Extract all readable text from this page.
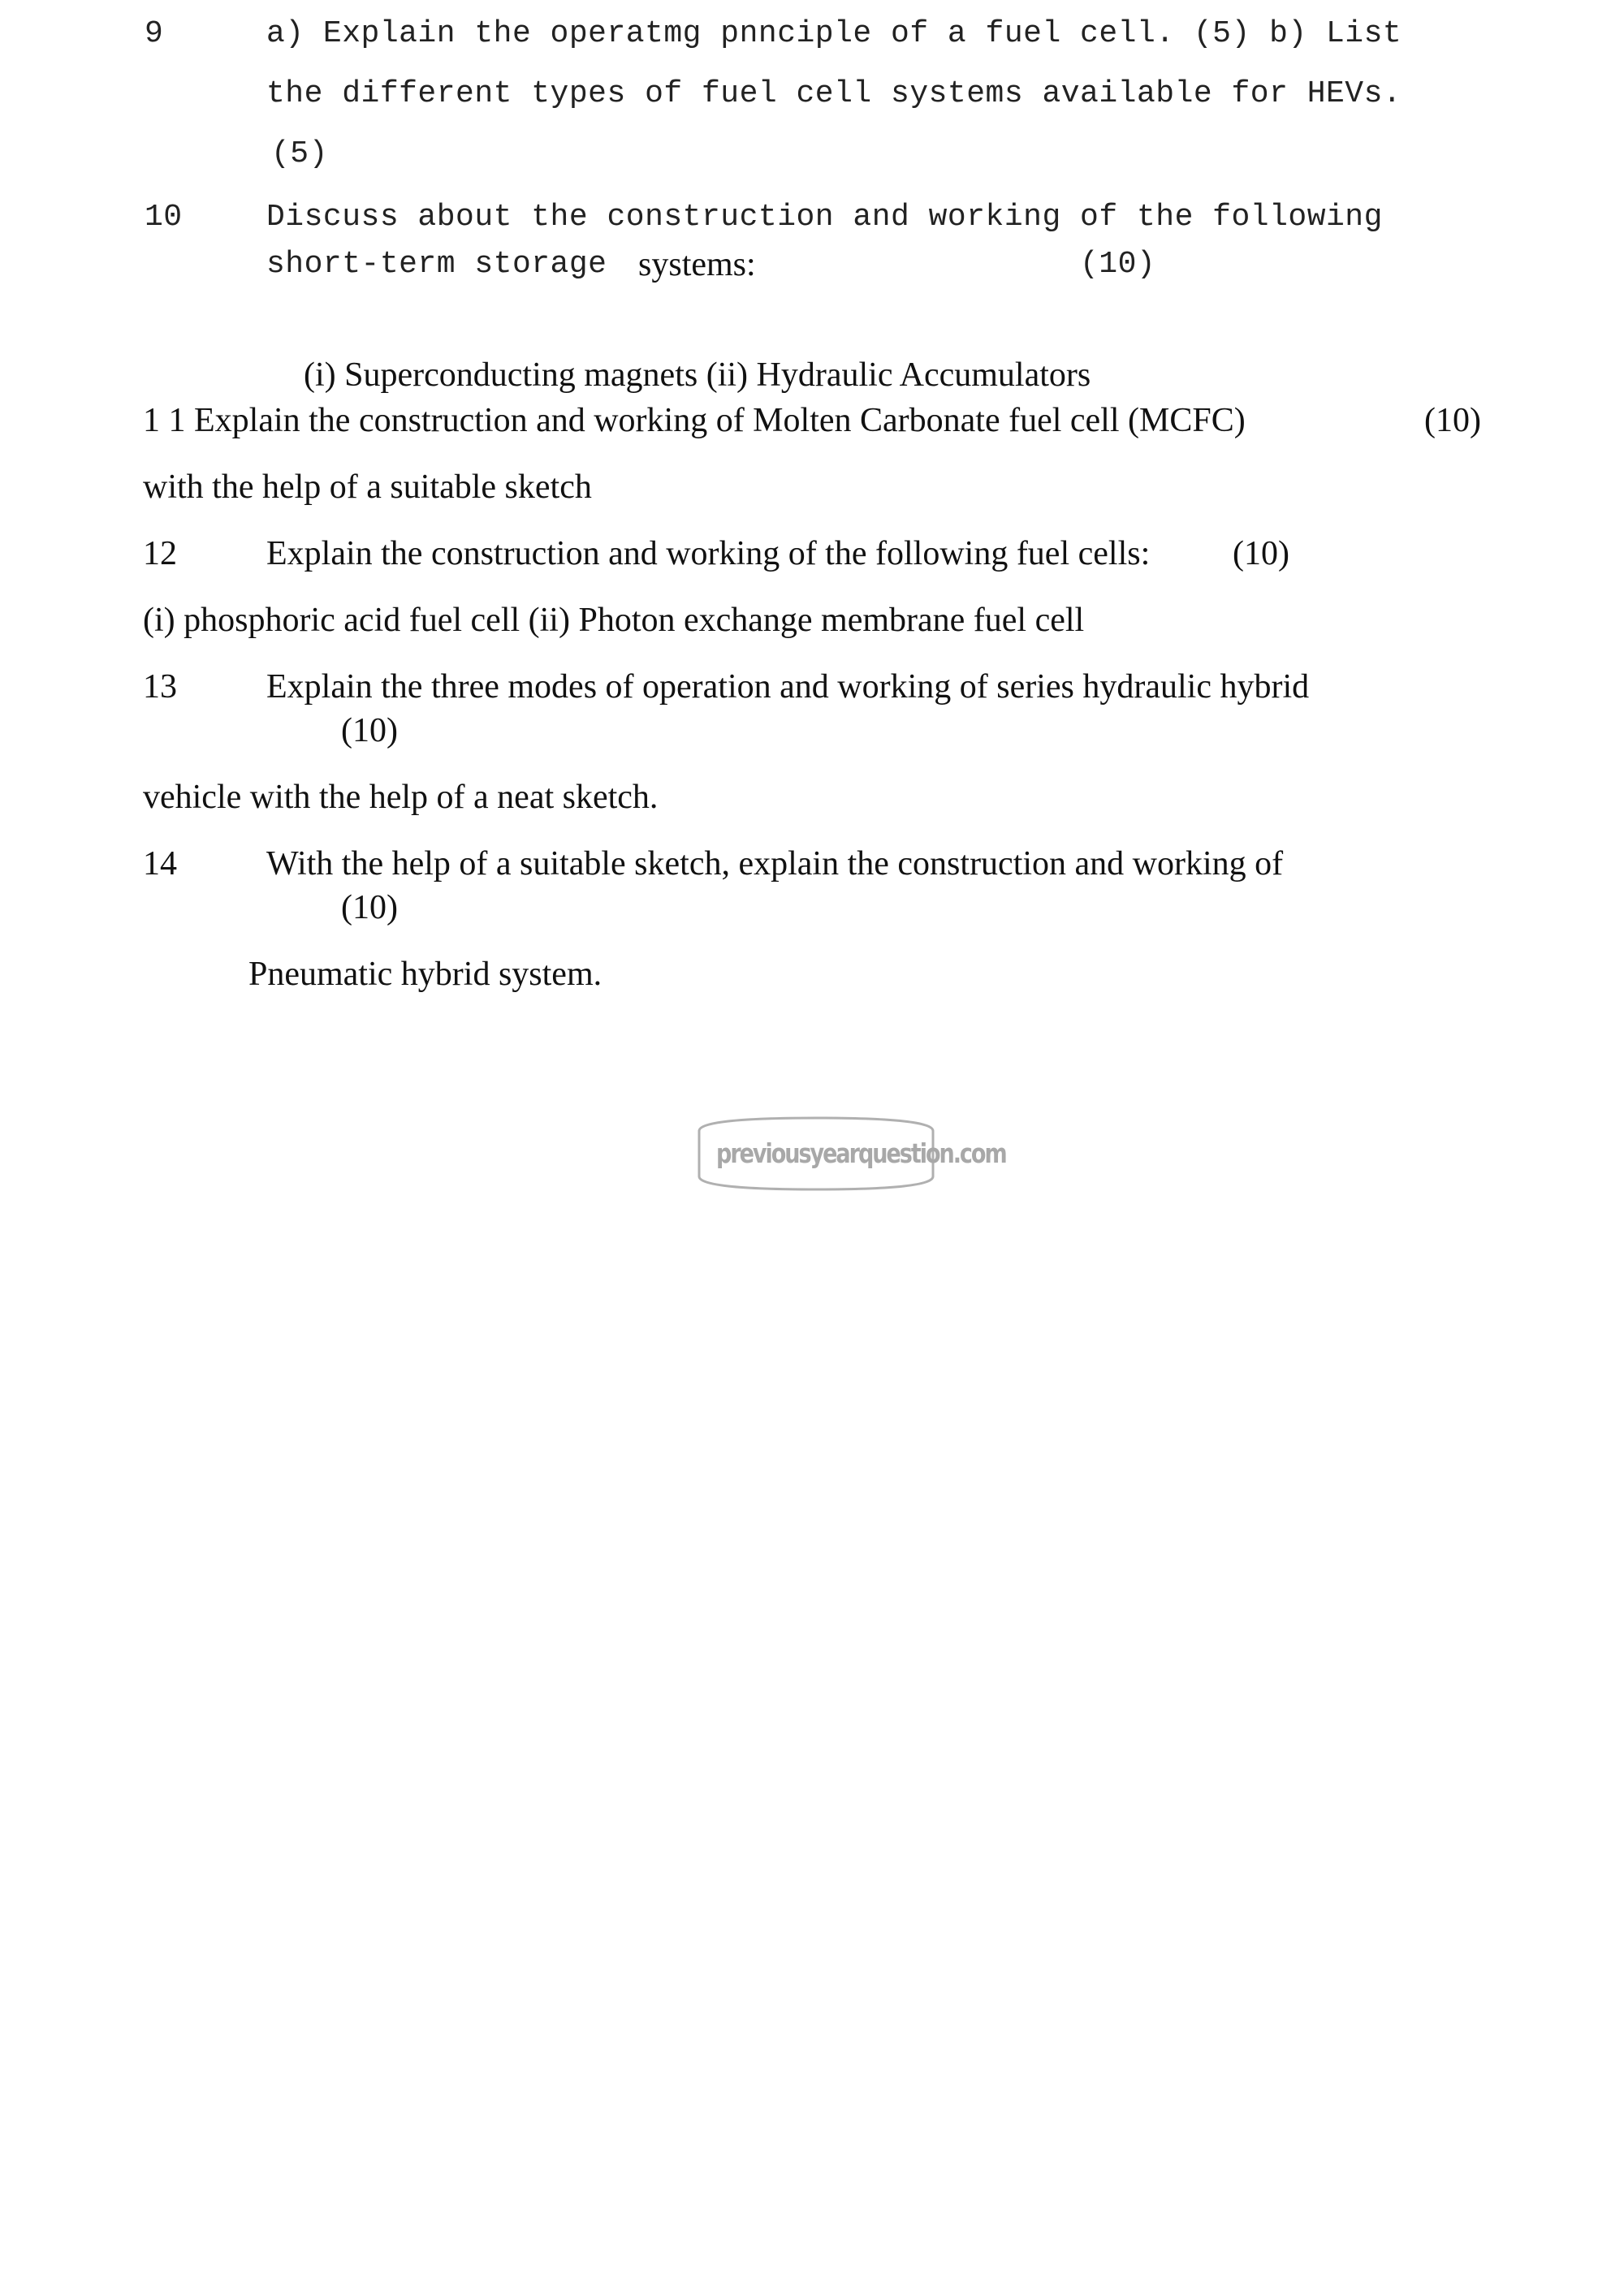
9	a) Explain the operatmg pnnciple of a fuel cell. (5) b) List
the different types of fuel cell systems available for HEVs.
(5)
10	Discuss about the construction and working of the following
short-term storage systems:	(10)
(i) Superconducting magnets (ii) Hydraulic Accumulators
1 1 Explain the construction and working of Molten Carbonate fuel cell (MCFC)	(10)
with the help of a suitable sketch
12	Explain the construction and working of the following fuel cells: (10)
(i) phosphoric acid fuel cell (ii) Photon exchange membrane fuel cell
13	Explain the three modes of operation and working of series hydraulic hybrid
(10)
vehicle with the help of a neat sketch.
14	With the help of a suitable sketch, explain the construction and working of
(10)
Pneumatic hybrid system.
previousyearquestion.com
